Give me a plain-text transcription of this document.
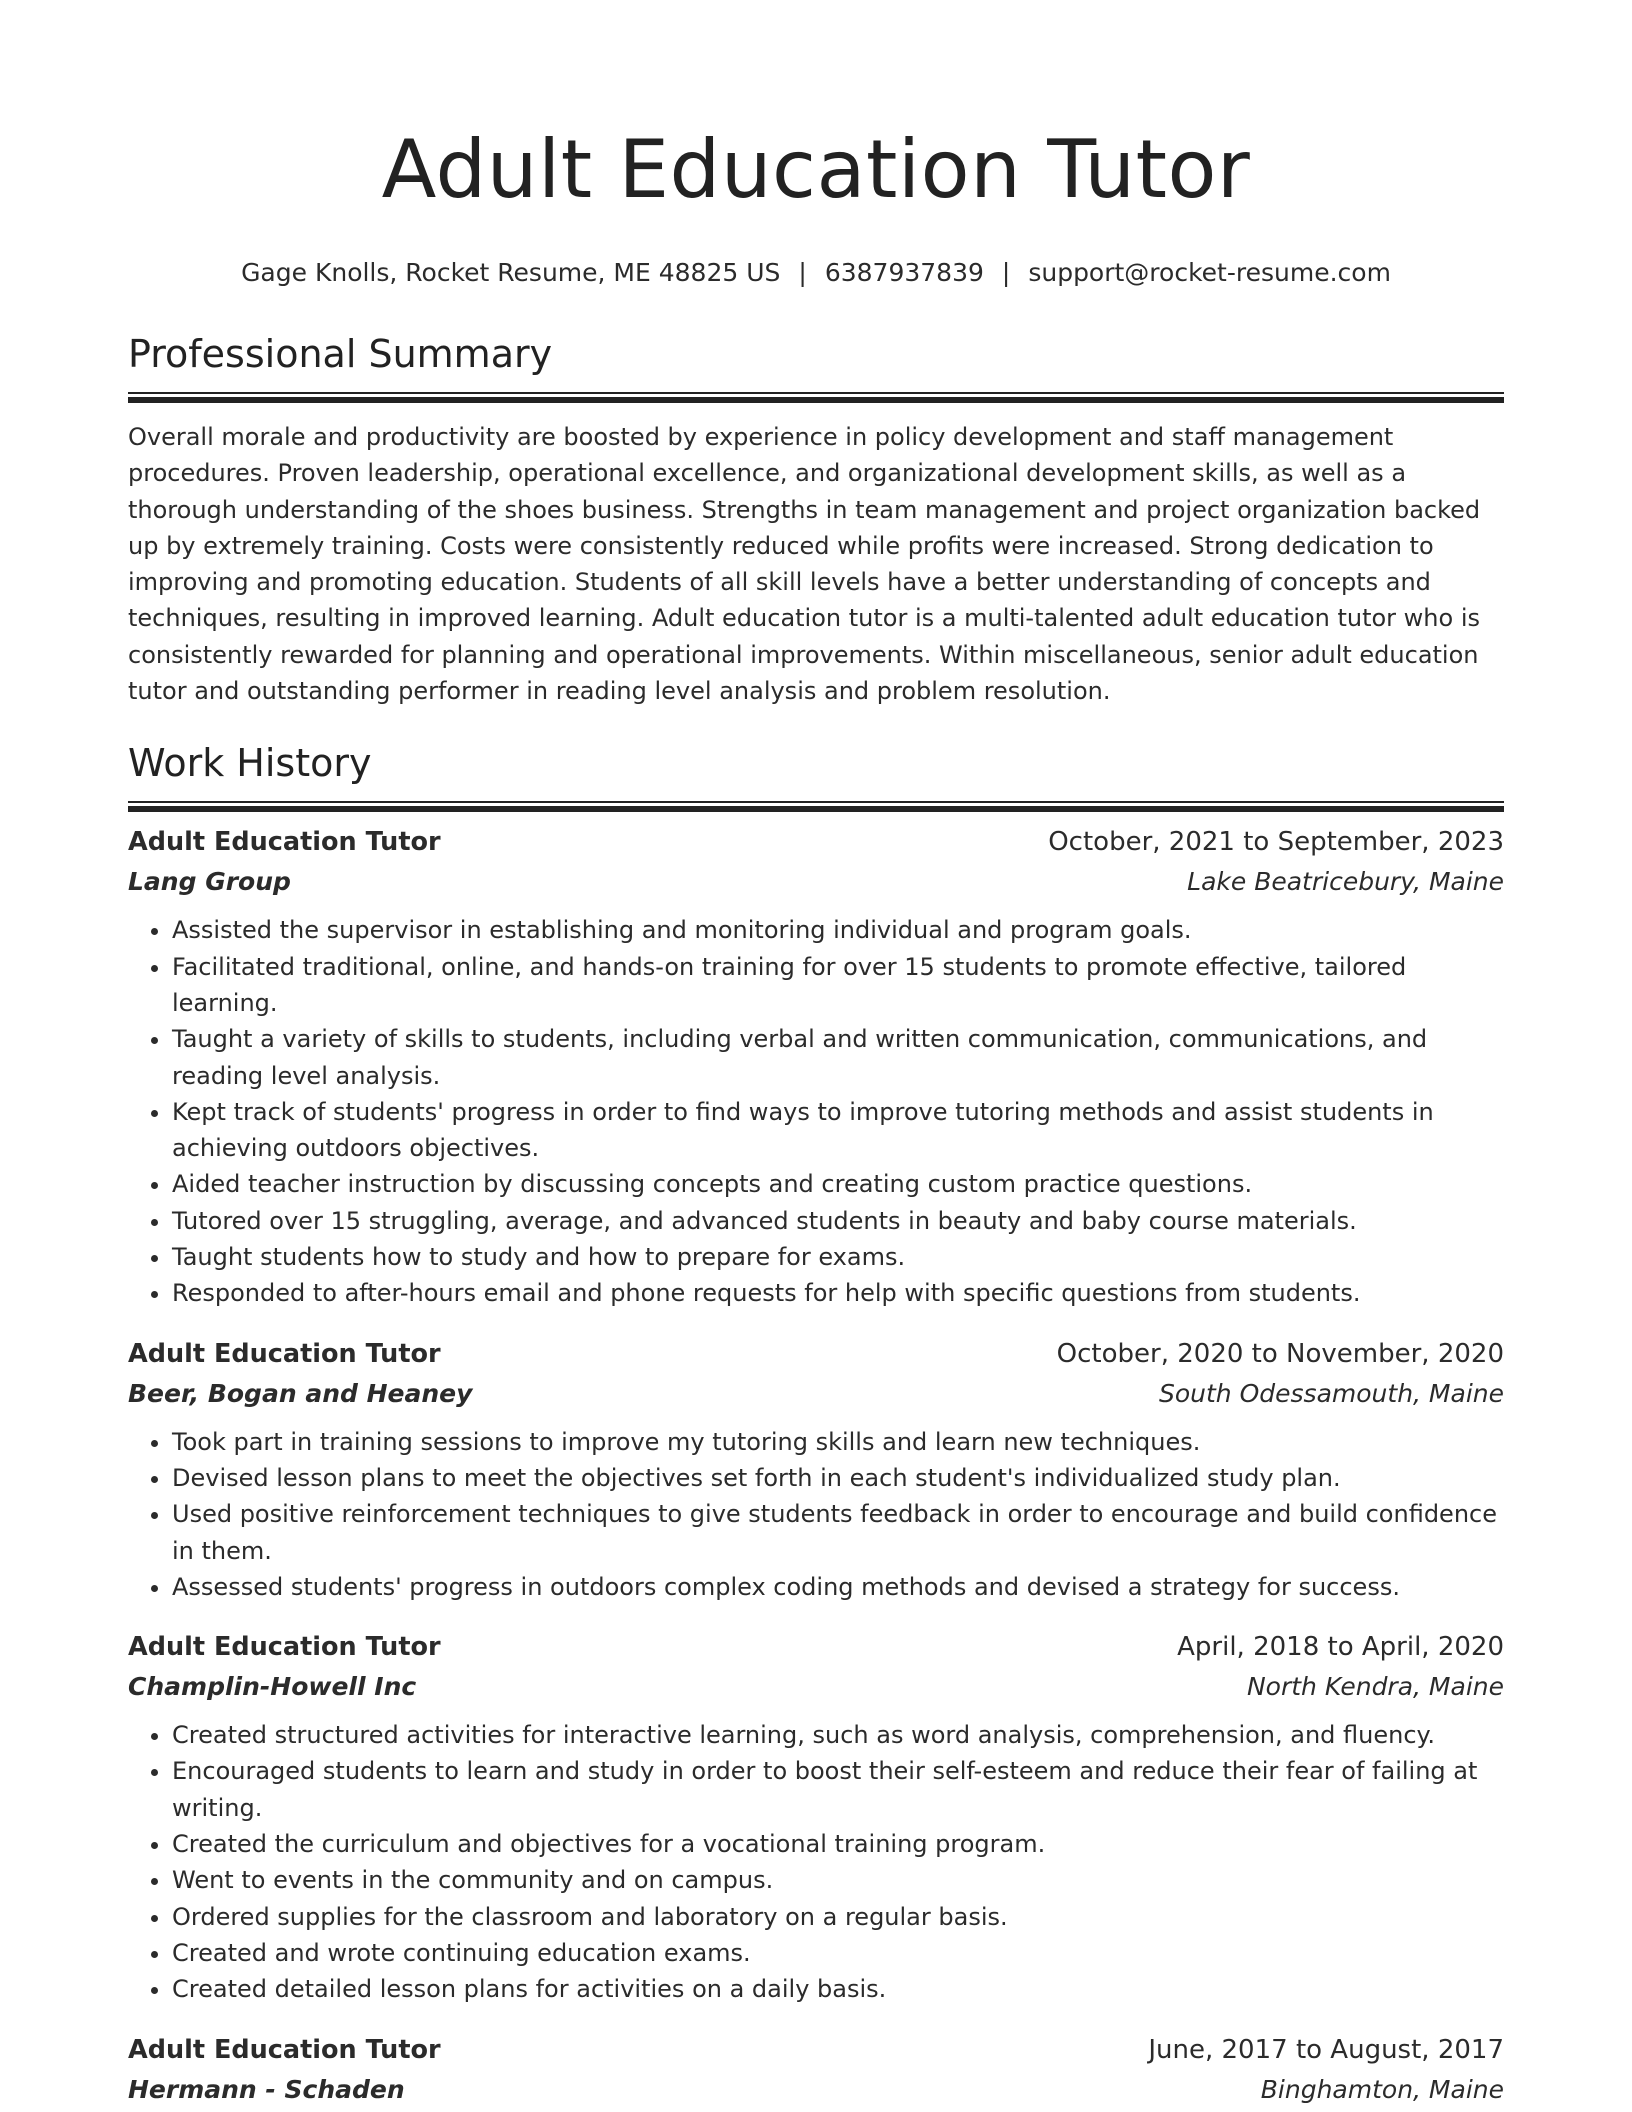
Adult Education Tutor
Gage Knolls, Rocket Resume, ME 48825 US | 6387937839 | support@rocket-resume.com
Professional Summary

Overall morale and productivity are boosted by experience in policy development and staff management procedures. Proven leadership, operational excellence, and organizational development skills, as well as a thorough understanding of the shoes business. Strengths in team management and project organization backed up by extremely training. Costs were consistently reduced while profits were increased. Strong dedication to improving and promoting education. Students of all skill levels have a better understanding of concepts and techniques, resulting in improved learning. Adult education tutor is a multi-talented adult education tutor who is consistently rewarded for planning and operational improvements. Within miscellaneous, senior adult education tutor and outstanding performer in reading level analysis and problem resolution.

Work History
Adult Education Tutor	October, 2021 to September, 2023
Lang Group	Lake Beatricebury, Maine
• Assisted the supervisor in establishing and monitoring individual and program goals.
• Facilitated traditional, online, and hands-on training for over 15 students to promote effective, tailored learning.
• Taught a variety of skills to students, including verbal and written communication, communications, and reading level analysis.
• Kept track of students' progress in order to find ways to improve tutoring methods and assist students in achieving outdoors objectives.
• Aided teacher instruction by discussing concepts and creating custom practice questions.
• Tutored over 15 struggling, average, and advanced students in beauty and baby course materials.
• Taught students how to study and how to prepare for exams.
• Responded to after-hours email and phone requests for help with specific questions from students.
Adult Education Tutor	October, 2020 to November, 2020
Beer, Bogan and Heaney	South Odessamouth, Maine
• Took part in training sessions to improve my tutoring skills and learn new techniques.
• Devised lesson plans to meet the objectives set forth in each student's individualized study plan.
• Used positive reinforcement techniques to give students feedback in order to encourage and build confidence in them.
• Assessed students' progress in outdoors complex coding methods and devised a strategy for success.
Adult Education Tutor	April, 2018 to April, 2020
Champlin-Howell Inc	North Kendra, Maine
• Created structured activities for interactive learning, such as word analysis, comprehension, and fluency.
• Encouraged students to learn and study in order to boost their self-esteem and reduce their fear of failing at writing.
• Created the curriculum and objectives for a vocational training program.
• Went to events in the community and on campus.
• Ordered supplies for the classroom and laboratory on a regular basis.
• Created and wrote continuing education exams.
• Created detailed lesson plans for activities on a daily basis.
Adult Education Tutor	June, 2017 to August, 2017
Hermann - Schaden	Binghamton, Maine
